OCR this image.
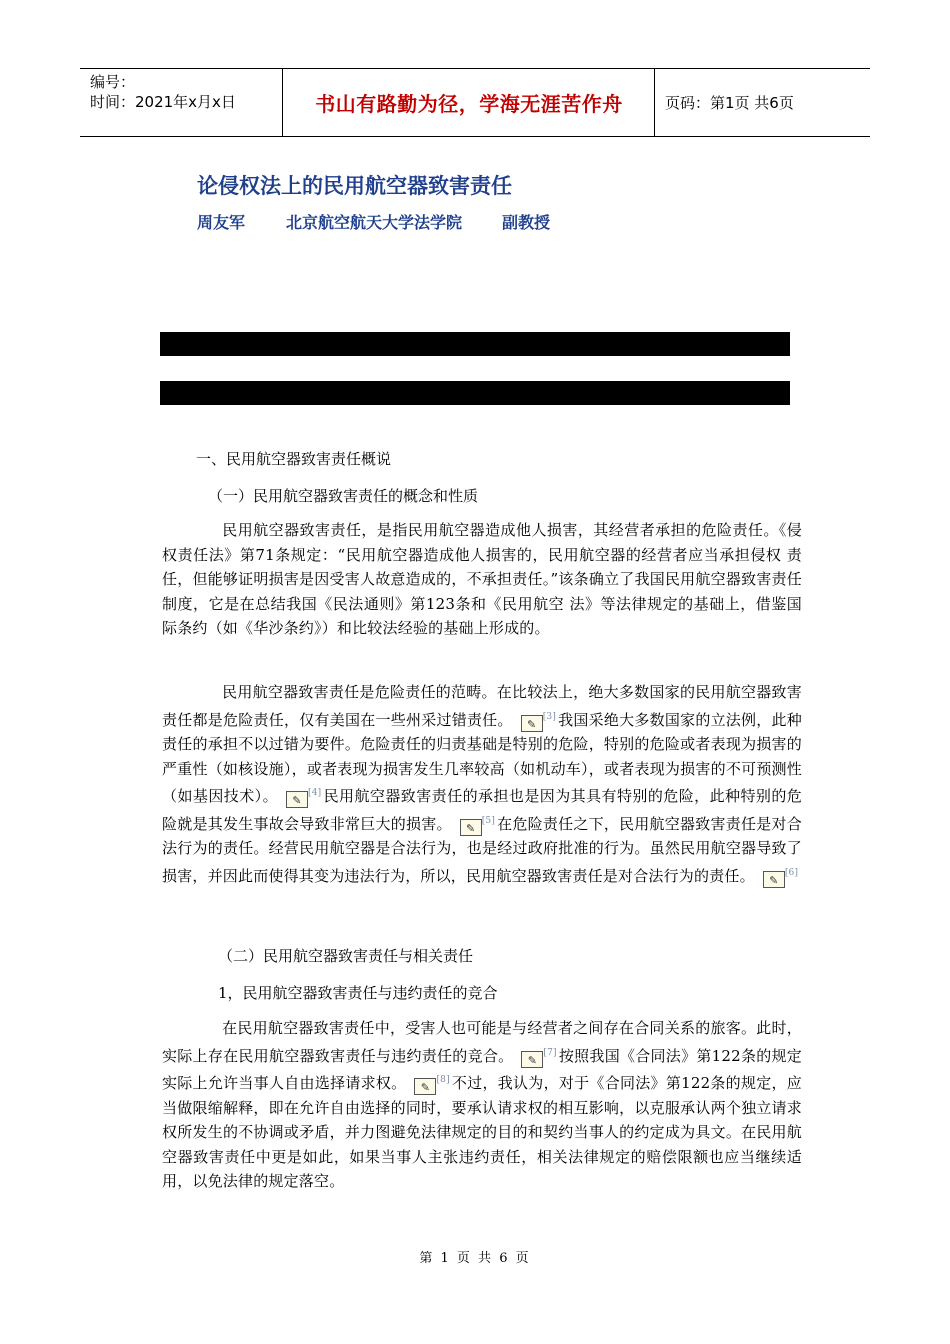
编号：
时间：2021年x月x日	书山有路勤为径，学海无涯苦作舟	页码：第1页 共6页
论侵权法上的民用航空器致害责任
周友军	北京航空航天大学法学院 副教授
一、民用航空器致害责任概说
（一）民用航空器致害责任的概念和性质
民用航空器致害责任，是指民用航空器造成他人损害，其经营者承担的危险责任。《侵权责任法》第71条规定：“民用航空器造成他人损害的，民用航空器的经营者应当承担侵权 责任，但能够证明损害是因受害人故意造成的，不承担责任。”该条确立了我国民用航空器致害责任制度，它是在总结我国《民法通则》第123条和《民用航空 法》等法律规定的基础上，借鉴国际条约（如《华沙条约》）和比较法经验的基础上形成的。
民用航空器致害责任是危险责任的范畴。在比较法上，绝大多数国家的民用航空器致害责任都是危险责任，仅有美国在一些州采过错责任。 ✎[3] 我国采绝大多数国家的立法例，此种责任的承担不以过错为要件。危险责任的归责基础是特别的危险，特别的危险或者表现为损害的严重性（如核设施），或者表现为损害发生几率较高（如机动车），或者表现为损害的不可预测性（如基因技术）。 ✎[4] 民用航空器致害责任的承担也是因为其具有特别的危险，此种特别的危险就是其发生事故会导致非常巨大的损害。 ✎[5] 在危险责任之下，民用航空器致害责任是对合法行为的责任。经营民用航空器是合法行为，也是经过政府批准的行为。虽然民用航空器导致了损害，并因此而使得其变为违法行为，所以，民用航空器致害责任是对合法行为的责任。 ✎[6]
（二）民用航空器致害责任与相关责任
1，民用航空器致害责任与违约责任的竞合
在民用航空器致害责任中，受害人也可能是与经营者之间存在合同关系的旅客。此时，实际上存在民用航空器致害责任与违约责任的竞合。 ✎[7] 按照我国《合同法》第122条的规定实际上允许当事人自由选择请求权。 ✎[8] 不过，我认为，对于《合同法》第122条的规定，应当做限缩解释，即在允许自由选择的同时，要承认请求权的相互影响，以克服承认两个独立请求权所发生的不协调或矛盾，并力图避免法律规定的目的和契约当事人的约定成为具文。在民用航空器致害责任中更是如此，如果当事人主张违约责任，相关法律规定的赔偿限额也应当继续适用，以免法律的规定落空。
第 1 页 共 6 页
